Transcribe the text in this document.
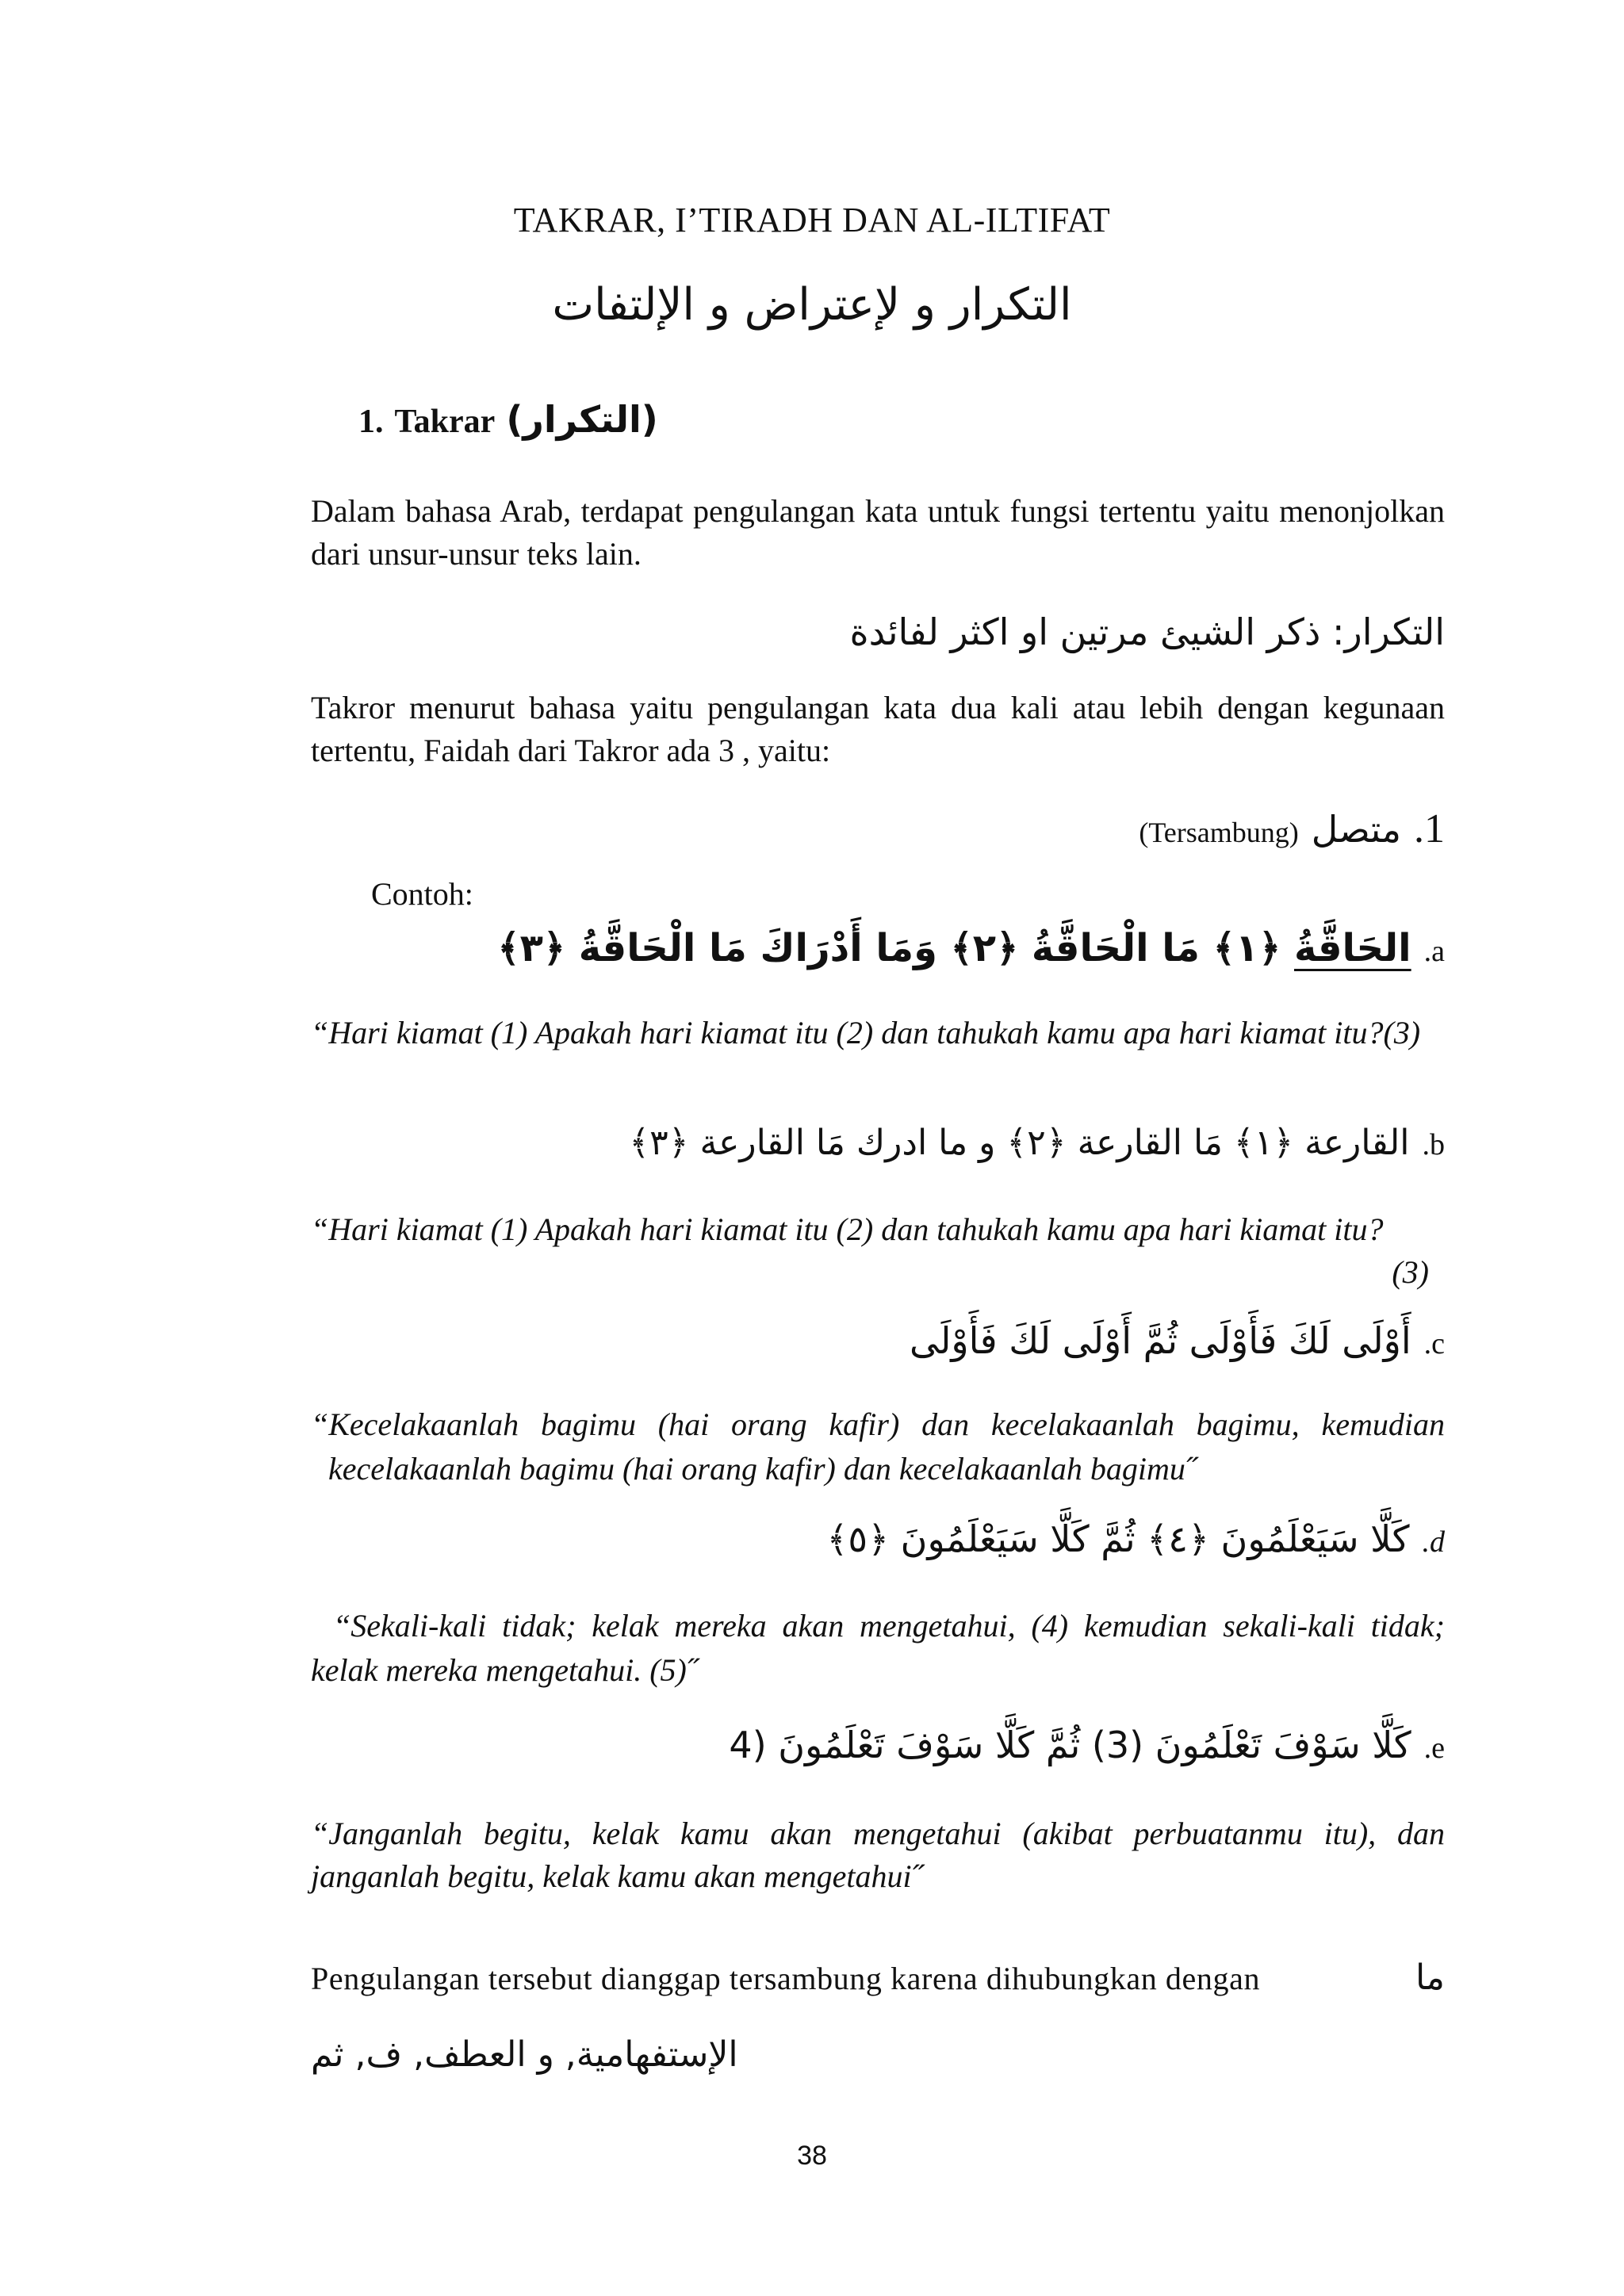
TAKRAR, I’TIRADH DAN AL-ILTIFAT
التكرار و لإعتراض و الإلتفات
1. Takrar (التكرار)
Dalam bahasa Arab, terdapat pengulangan kata untuk fungsi tertentu yaitu menonjolkan dari unsur-unsur teks lain.
التكرار: ذكر الشيئ مرتين او اكثر لفائدة
Takror menurut bahasa yaitu pengulangan kata dua kali atau lebih dengan kegunaan tertentu, Faidah dari Takror ada 3 , yaitu:
.1
متصل
(Tersambung)
Contoh:
.a
الحَاقَّةُ ﴿١﴾ مَا الْحَاقَّةُ ﴿٢﴾ وَمَا أَدْرَاكَ مَا الْحَاقَّةُ ﴿٣﴾
“Hari kiamat (1) Apakah hari kiamat itu (2) dan tahukah kamu apa hari kiamat itu?(3)
.b
القارعة ﴿١﴾ مَا القارعة ﴿٢﴾ و ما ادرك مَا القارعة ﴿٣﴾
“Hari kiamat (1) Apakah hari kiamat itu (2) dan tahukah kamu apa hari kiamat itu?
(3)
.c
أَوْلَى لَكَ فَأَوْلَى ثُمَّ أَوْلَى لَكَ فَأَوْلَى
“Kecelakaanlah bagimu (hai orang kafir) dan kecelakaanlah bagimu, kemudian
kecelakaanlah bagimu (hai orang kafir) dan kecelakaanlah bagimu˝
.d
كَلَّا سَيَعْلَمُونَ ﴿٤﴾ ثُمَّ كَلَّا سَيَعْلَمُونَ ﴿٥﴾
“Sekali-kali tidak; kelak mereka akan mengetahui, (4) kemudian sekali-kali tidak;
kelak mereka mengetahui. (5)˝
.e
كَلَّا سَوْفَ تَعْلَمُونَ (3) ثُمَّ كَلَّا سَوْفَ تَعْلَمُونَ (4
“Janganlah begitu, kelak kamu akan mengetahui (akibat perbuatanmu itu), dan janganlah begitu, kelak kamu akan mengetahui˝
Pengulangan tersebut dianggap tersambung karena dihubungkan dengan	ما
الإستفهامية, و العطف, ف, ثم
38
